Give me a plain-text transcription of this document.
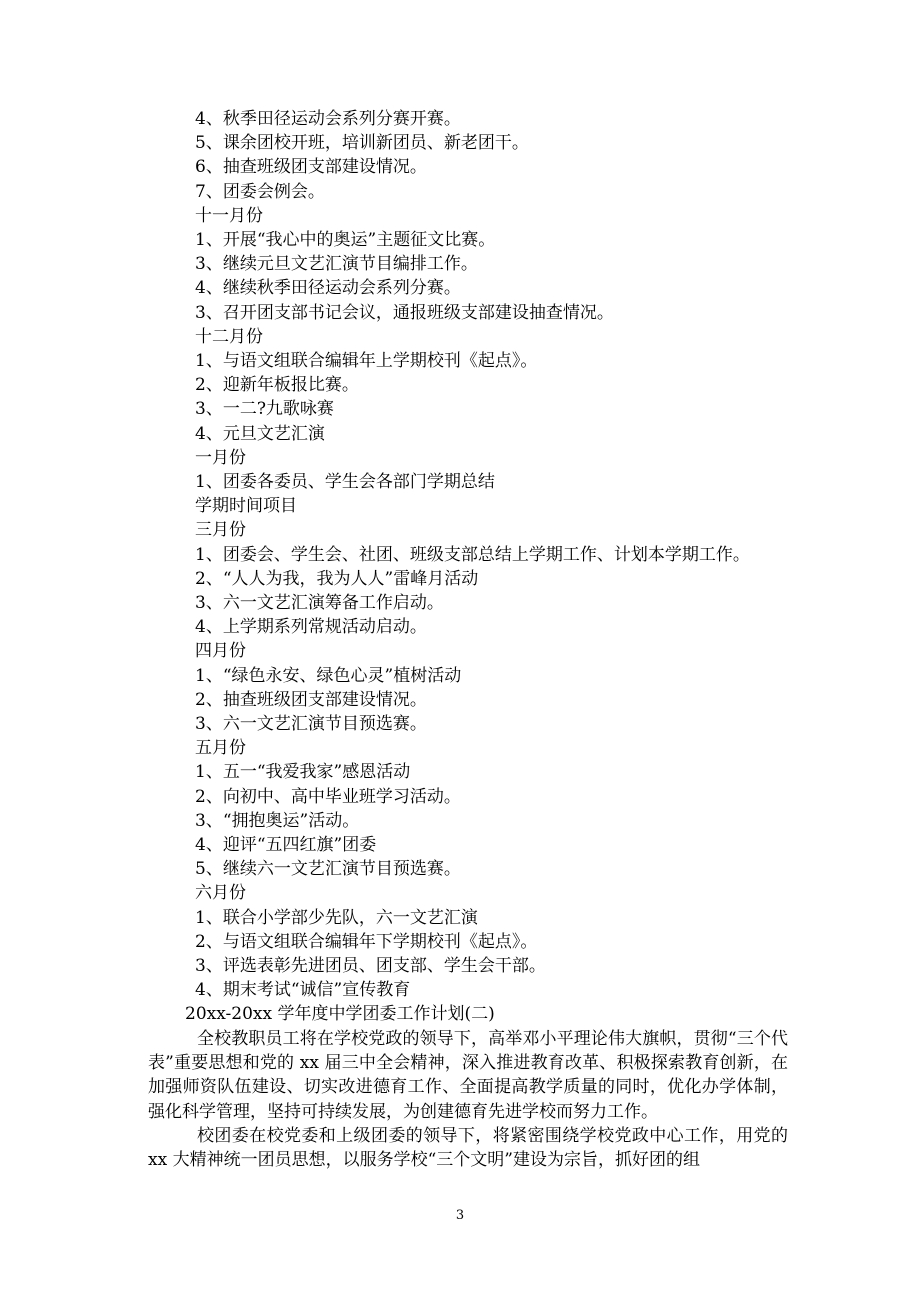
4、秋季田径运动会系列分赛开赛。
5、课余团校开班，培训新团员、新老团干。
6、抽查班级团支部建设情况。
7、团委会例会。
十一月份
1、开展“我心中的奥运”主题征文比赛。
3、继续元旦文艺汇演节目编排工作。
4、继续秋季田径运动会系列分赛。
3、召开团支部书记会议，通报班级支部建设抽查情况。
十二月份
1、与语文组联合编辑年上学期校刊《起点》。
2、迎新年板报比赛。
3、一二?九歌咏赛
4、元旦文艺汇演
一月份
1、团委各委员、学生会各部门学期总结
学期时间项目
三月份
1、团委会、学生会、社团、班级支部总结上学期工作、计划本学期工作。
2、“人人为我，我为人人”雷峰月活动
3、六一文艺汇演筹备工作启动。
4、上学期系列常规活动启动。
四月份
1、“绿色永安、绿色心灵”植树活动
2、抽查班级团支部建设情况。
3、六一文艺汇演节目预选赛。
五月份
1、五一“我爱我家”感恩活动
2、向初中、高中毕业班学习活动。
3、“拥抱奥运”活动。
4、迎评“五四红旗”团委
5、继续六一文艺汇演节目预选赛。
六月份
1、联合小学部少先队，六一文艺汇演
2、与语文组联合编辑年下学期校刊《起点》。
3、评选表彰先进团员、团支部、学生会干部。
4、期末考试“诚信”宣传教育
20xx-20xx 学年度中学团委工作计划(二)
全校教职员工将在学校党政的领导下，高举邓小平理论伟大旗帜，贯彻“三个代表”重要思想和党的 xx 届三中全会精神，深入推进教育改革、积极探索教育创新，在加强师资队伍建设、切实改进德育工作、全面提高教学质量的同时，优化办学体制，强化科学管理，坚持可持续发展，为创建德育先进学校而努力工作。
校团委在校党委和上级团委的领导下，将紧密围绕学校党政中心工作，用党的 xx 大精神统一团员思想，以服务学校“三个文明”建设为宗旨，抓好团的组
3
